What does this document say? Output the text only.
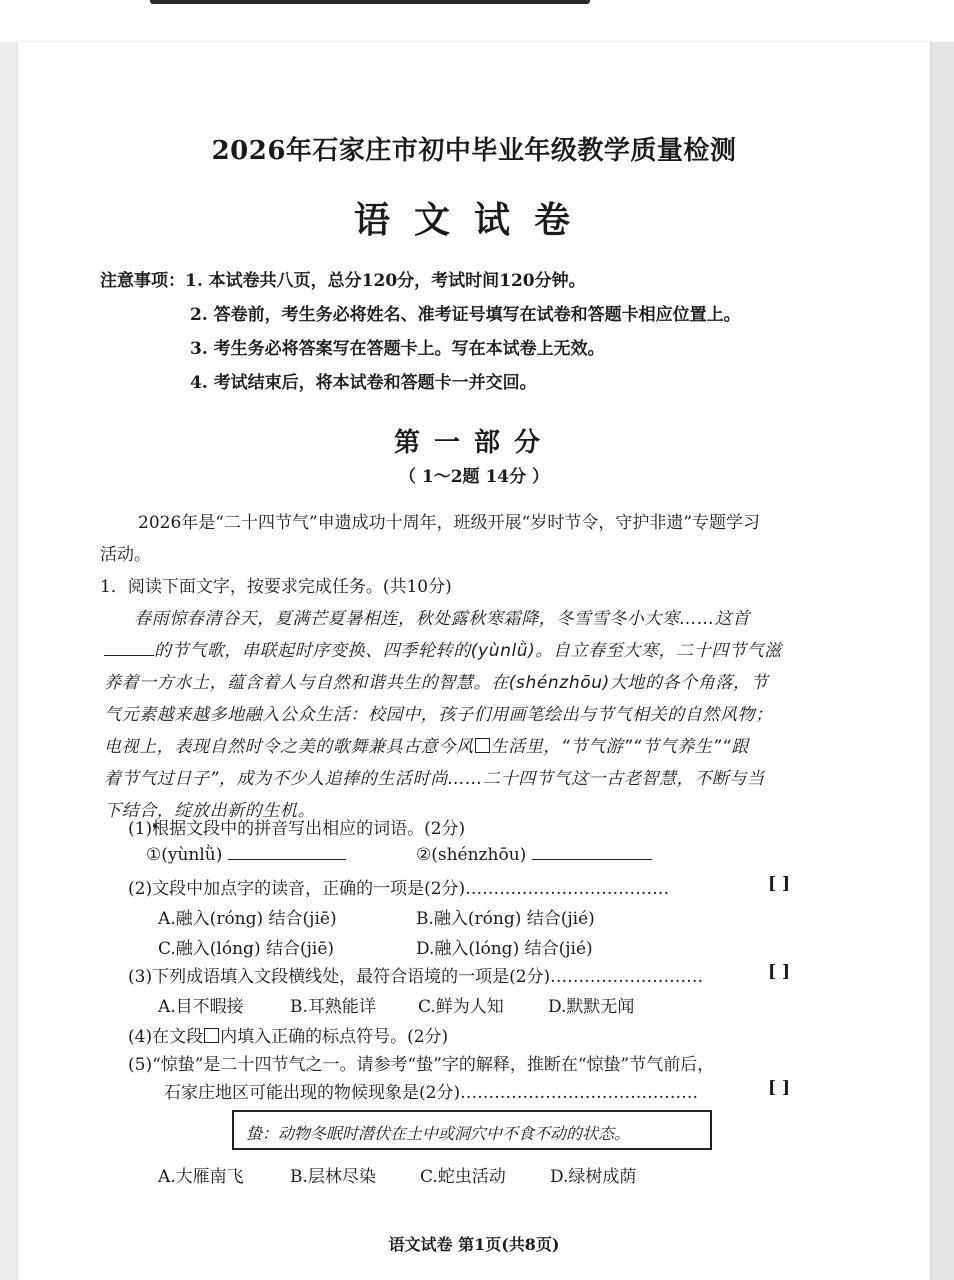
2026年石家庄市初中毕业年级教学质量检测
语文试卷
注意事项：1. 本试卷共八页，总分120分，考试时间120分钟。
2. 答卷前，考生务必将姓名、准考证号填写在试卷和答题卡相应位置上。
3. 考生务必将答案写在答题卡上。写在本试卷上无效。
4. 考试结束后，将本试卷和答题卡一并交回。
第一部分
（ 1～2题 14分 ）
2026年是“二十四节气”申遗成功十周年，班级开展“岁时节令，守护非遗”专题学习
活动。
1．阅读下面文字，按要求完成任务。(共10分)
春雨惊春清谷天，夏满芒夏暑相连，秋处露秋寒霜降，冬雪雪冬小大寒……这首
的节气歌，串联起时序变换、四季轮转的(yùnlǜ)。自立春至大寒，二十四节气滋
养着一方水土，蕴含着人与自然和谐共生的智慧。在(shénzhōu)大地的各个角落，节
气元素越来越多地融入公众生活：校园中，孩子们用画笔绘出与节气相关的自然风物；
电视上，表现自然时令之美的歌舞兼具古意今风 生活里，“节气游”“节气养生”“跟
着节气过日子”，成为不少人追捧的生活时尚……二十四节气这一古老智慧，不断与当
下结合，绽放出新的生机。
(1)根据文段中的拼音写出相应的词语。(2分)
①(yùnlǜ)	②(shénzhōu)
(2)文段中加点字的读音，正确的一项是(2分)………………………………	[ ]
A.融入(róng) 结合(jiē)	B.融入(róng) 结合(jié)
C.融入(lóng) 结合(jiē)	D.融入(lóng) 结合(jié)
(3)下列成语填入文段横线处，最符合语境的一项是(2分)………………………	[ ]
A.目不暇接	B.耳熟能详 C.鲜为人知	D.默默无闻
(4)在文段 内填入正确的标点符号。(2分)
(5)“惊蛰”是二十四节气之一。请参考“蛰”字的解释，推断在“惊蛰”节气前后，
石家庄地区可能出现的物候现象是(2分)……………………………………	[ ]
蛰：动物冬眠时潜伏在土中或洞穴中不食不动的状态。
A.大雁南飞	B.层林尽染	C.蛇虫活动	D.绿树成荫
语文试卷 第1页(共8页)
